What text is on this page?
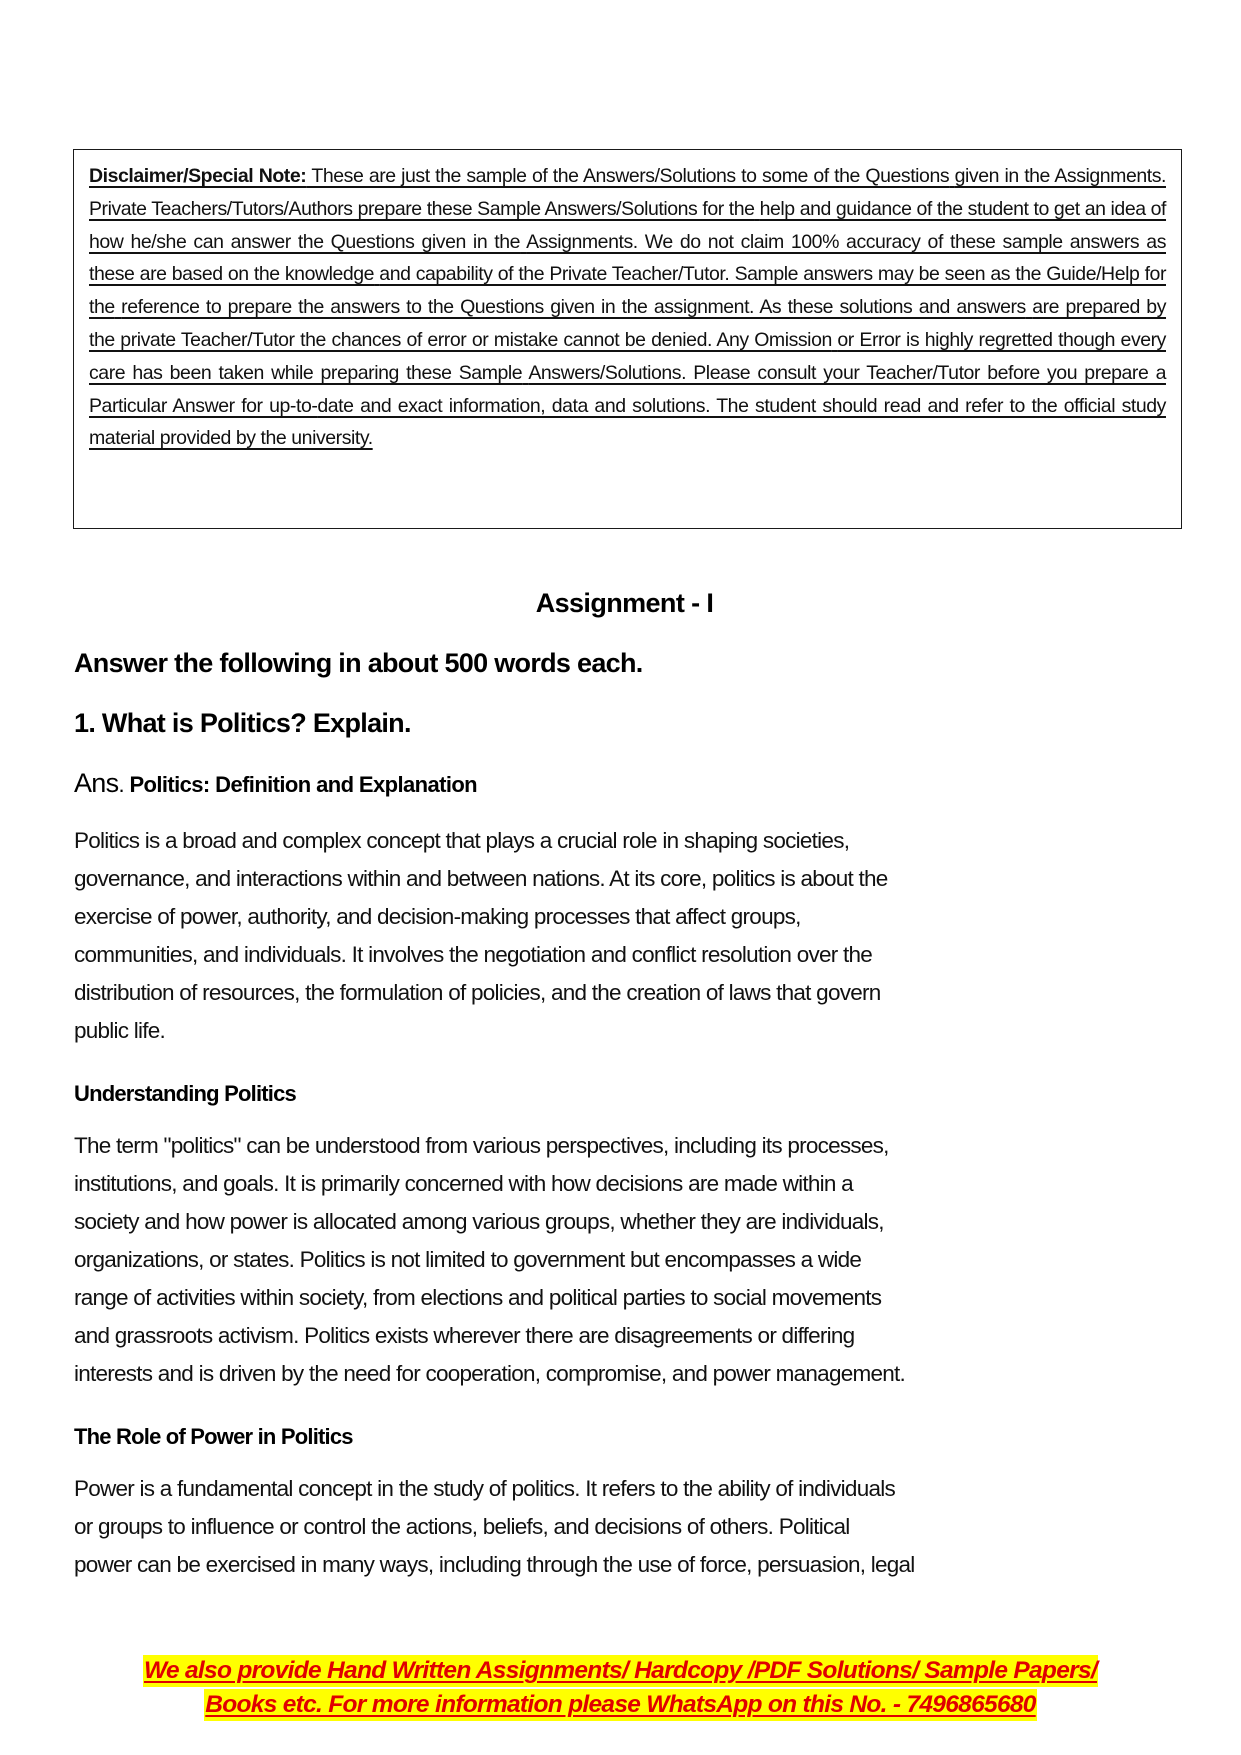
Disclaimer/Special Note: These are just the sample of the Answers/Solutions to some of the Questions given in the Assignments. Private Teachers/Tutors/Authors prepare these Sample Answers/Solutions for the help and guidance of the student to get an idea of how he/she can answer the Questions given in the Assignments. We do not claim 100% accuracy of these sample answers as these are based on the knowledge and capability of the Private Teacher/Tutor. Sample answers may be seen as the Guide/Help for the reference to prepare the answers to the Questions given in the assignment. As these solutions and answers are prepared by the private Teacher/Tutor the chances of error or mistake cannot be denied. Any Omission or Error is highly regretted though every care has been taken while preparing these Sample Answers/Solutions. Please consult your Teacher/Tutor before you prepare a Particular Answer for up-to-date and exact information, data and solutions. The student should read and refer to the official study material provided by the university.

Assignment - I
Answer the following in about 500 words each.
1. What is Politics? Explain.
Ans. Politics: Definition and Explanation
Politics is a broad and complex concept that plays a crucial role in shaping societies,
governance, and interactions within and between nations. At its core, politics is about the
exercise of power, authority, and decision-making processes that affect groups,
communities, and individuals. It involves the negotiation and conflict resolution over the
distribution of resources, the formulation of policies, and the creation of laws that govern
public life.
Understanding Politics
The term "politics" can be understood from various perspectives, including its processes,
institutions, and goals. It is primarily concerned with how decisions are made within a
society and how power is allocated among various groups, whether they are individuals,
organizations, or states. Politics is not limited to government but encompasses a wide
range of activities within society, from elections and political parties to social movements
and grassroots activism. Politics exists wherever there are disagreements or differing
interests and is driven by the need for cooperation, compromise, and power management.
The Role of Power in Politics
Power is a fundamental concept in the study of politics. It refers to the ability of individuals
or groups to influence or control the actions, beliefs, and decisions of others. Political
power can be exercised in many ways, including through the use of force, persuasion, legal
We also provide Hand Written Assignments/ Hardcopy /PDF Solutions/ Sample Papers/
Books etc. For more information please WhatsApp on this No. - 7496865680
